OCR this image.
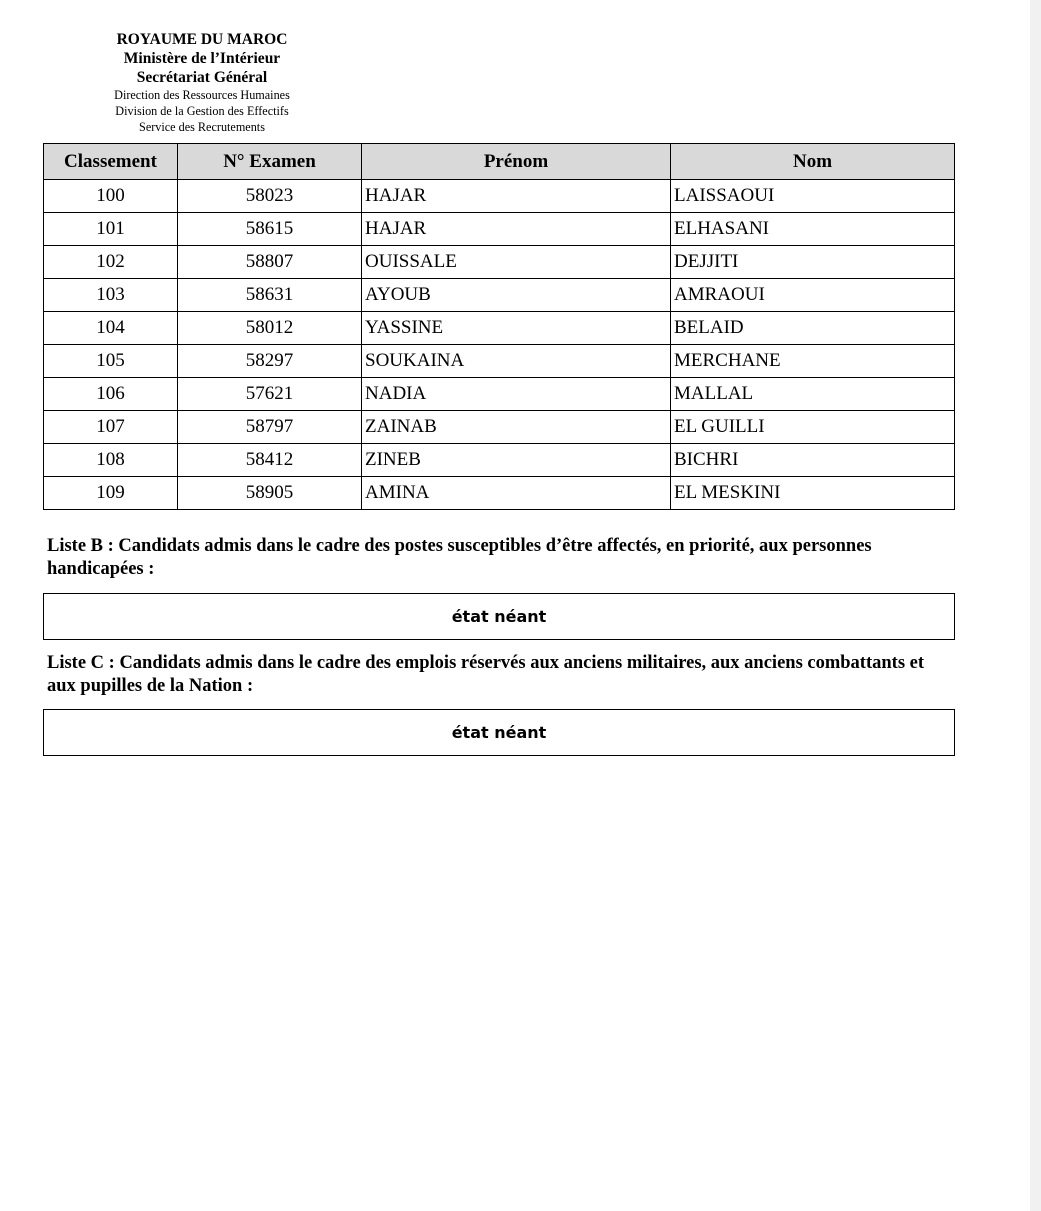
ROYAUME DU MAROC
Ministère de l’Intérieur
Secrétariat Général
Direction des Ressources Humaines
Division de la Gestion des Effectifs
Service des Recrutements
Classement	N° Examen	Prénom	Nom
100	58023	HAJAR	LAISSAOUI
101	58615	HAJAR	ELHASANI
102	58807	OUISSALE	DEJJITI
103	58631	AYOUB	AMRAOUI
104	58012	YASSINE	BELAID
105	58297	SOUKAINA	MERCHANE
106	57621	NADIA	MALLAL
107	58797	ZAINAB	EL GUILLI
108	58412	ZINEB	BICHRI
109	58905	AMINA	EL MESKINI
Liste B : Candidats admis dans le cadre des postes susceptibles d’être affectés, en priorité, aux personnes handicapées :
état néant
Liste C : Candidats admis dans le cadre des emplois réservés aux anciens militaires, aux anciens combattants et aux pupilles de la Nation :
état néant
